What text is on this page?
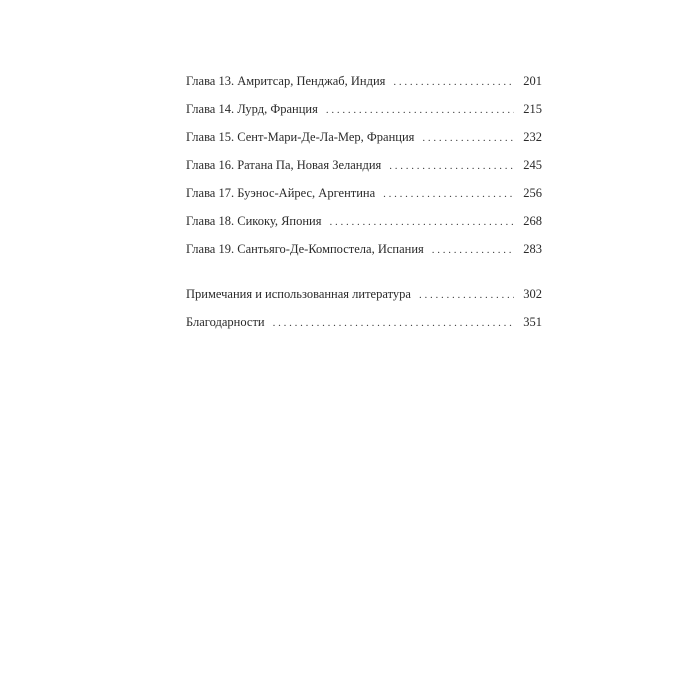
Глава 13. Амритсар, Пенджаб, Индия . . .	201
Глава 14. Лурд, Франция . . .	215
Глава 15. Сент-Мари-Де-Ла-Мер, Франция . . .	232
Глава 16. Ратана Па, Новая Зеландия . . .	245
Глава 17. Буэнос-Айрес, Аргентина . . .	256
Глава 18. Сикоку, Япония . . .	268
Глава 19. Сантьяго-Де-Компостела, Испания . . .	283
Примечания и использованная литература . . .	302
Благодарности . . .	351
